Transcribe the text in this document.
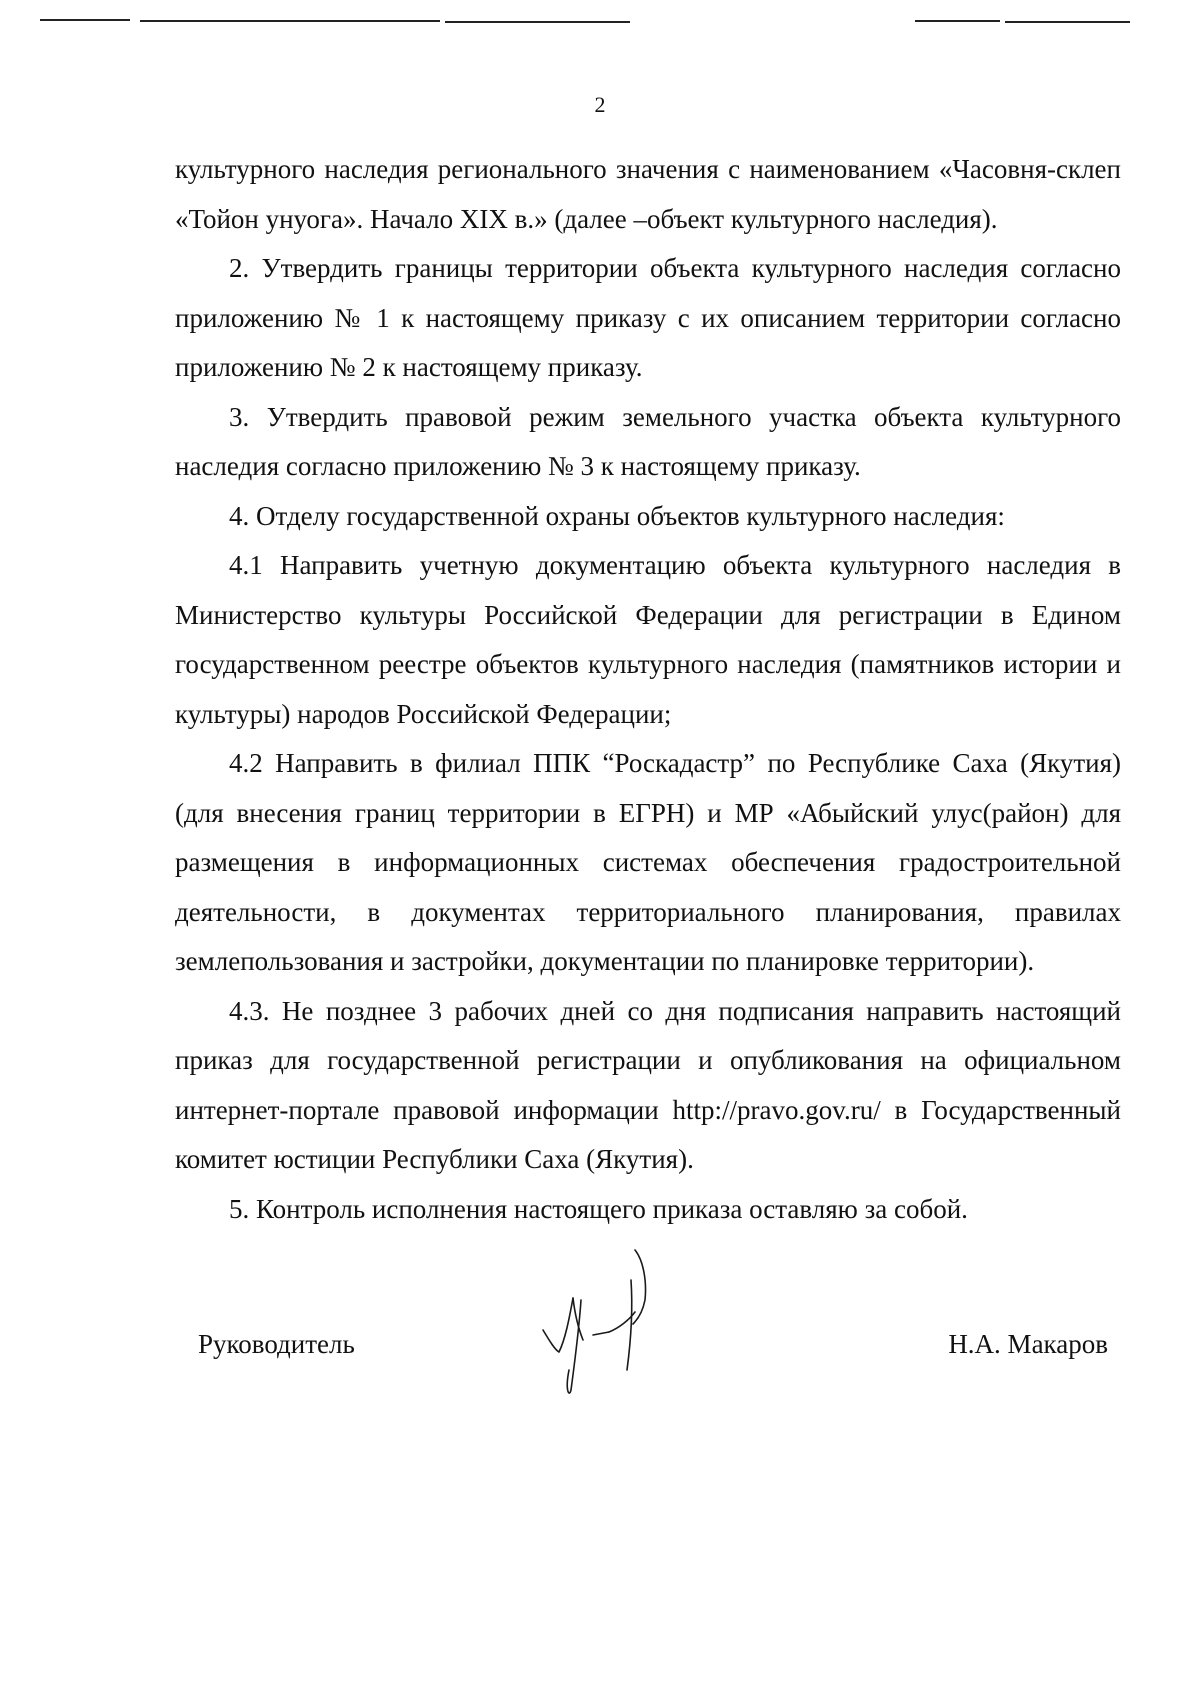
2

культурного наследия регионального значения с наименованием «Часовня-склеп «Тойон унуога». Начало XIX в.» (далее –объект культурного наследия).

2. Утвердить границы территории объекта культурного наследия согласно приложению № 1 к настоящему приказу с их описанием территории согласно приложению № 2 к настоящему приказу.

3. Утвердить правовой режим земельного участка объекта культурного наследия согласно приложению № 3 к настоящему приказу.

4. Отделу государственной охраны объектов культурного наследия:

4.1 Направить учетную документацию объекта культурного наследия в Министерство культуры Российской Федерации для регистрации в Едином государственном реестре объектов культурного наследия (памятников истории и культуры) народов Российской Федерации;

4.2 Направить в филиал ППК “Роскадастр” по Республике Саха (Якутия) (для внесения границ территории в ЕГРН) и МР «Абыйский улус(район) для размещения в информационных системах обеспечения градостроительной деятельности, в документах территориального планирования, правилах землепользования и застройки, документации по планировке территории).

4.3. Не позднее 3 рабочих дней со дня подписания направить настоящий приказ для государственной регистрации и опубликования на официальном интернет-портале правовой информации http://pravo.gov.ru/ в Государственный комитет юстиции Республики Саха (Якутия).

5. Контроль исполнения настоящего приказа оставляю за собой.

Руководитель	Н.А. Макаров
